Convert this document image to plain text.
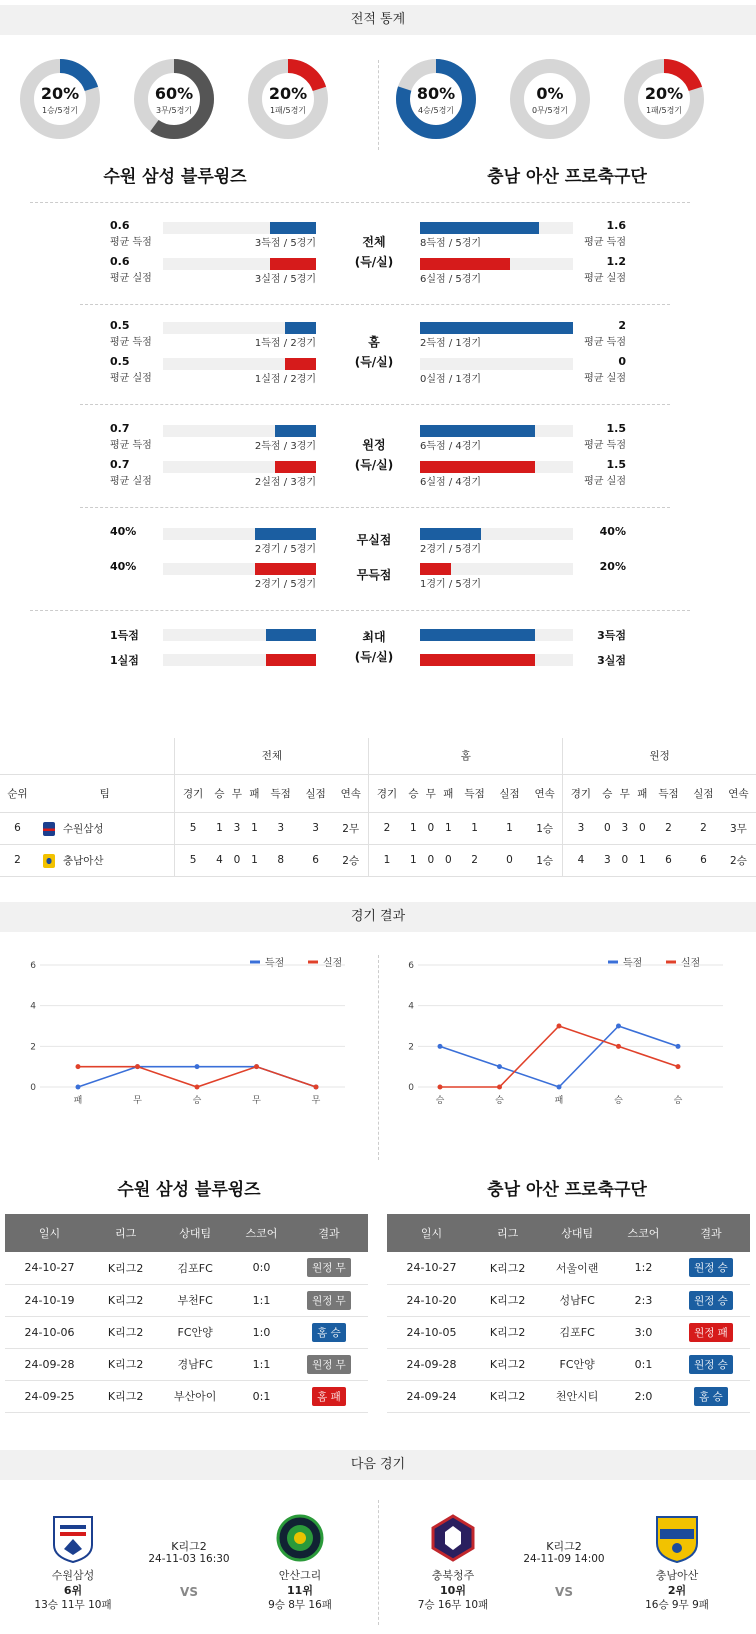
전적 통계
20%
1승/5경기
60%
3무/5경기
20%
1패/5경기
80%
4승/5경기
0%
0무/5경기
20%
1패/5경기
수원 삼성 블루윙즈	충남 아산 프로축구단
0.6
평균 득점	3득점 / 5경기	8득점 / 5경기
1.6
평균 득점
0.6
평균 실점	3실점 / 5경기	6실점 / 5경기
1.2
평균 실점
전체
(득/실)
0.5
평균 득점	1득점 / 2경기	2득점 / 1경기
2
평균 득점
0.5
평균 실점	1실점 / 2경기	0실점 / 1경기
0
평균 실점
홈
(득/실)
0.7
평균 득점	2득점 / 3경기	6득점 / 4경기
1.5
평균 득점
0.7
평균 실점	2실점 / 3경기	6실점 / 4경기
1.5
평균 실점
원정
(득/실)
40%
2경기 / 5경기	2경기 / 5경기
40%
무실점
40%
2경기 / 5경기	1경기 / 5경기
20%
무득점
1득점	3득점
1실점	3실점
최대
(득/실)
		전체							홈							원정						
순위	팀	경기	승	무	패	득점	실점	연속	경기	승	무	패	득점	실점	연속	경기	승	무	패	득점	실점	연속
6	수원삼성	5	1	3	1	3	3	2무	2	1	0	1	1	1	1승	3	0	3	0	2	2	3무
2	충남아산	5	4	0	1	8	6	2승	1	1	0	0	2	0	1승	4	3	0	1	6	6	2승
경기 결과
득점	실점
0
2
4
6
패	무	승	무	무
득점	실점
0
2
4
6
승	승	패	승	승
수원 삼성 블루윙즈	충남 아산 프로축구단
일시	리그	상대팀	스코어	결과
24-10-27	K리그2	김포FC	0:0	원정 무
24-10-19	K리그2	부천FC	1:1	원정 무
24-10-06	K리그2	FC안양	1:0	홈 승
24-09-28	K리그2	경남FC	1:1	원정 무
24-09-25	K리그2	부산아이	0:1	홈 패
일시	리그	상대팀	스코어	결과
24-10-27	K리그2	서울이랜	1:2	원정 승
24-10-20	K리그2	성남FC	2:3	원정 승
24-10-05	K리그2	김포FC	3:0	원정 패
24-09-28	K리그2	FC안양	0:1	원정 승
24-09-24	K리그2	천안시티	2:0	홈 승
다음 경기
수원삼성
6위
13승 11무 10패
K리그2
24-11-03 16:30
VS
안산그리
11위
9승 8무 16패
충북청주
10위
7승 16무 10패
K리그2
24-11-09 14:00
VS
충남아산
2위
16승 9무 9패
